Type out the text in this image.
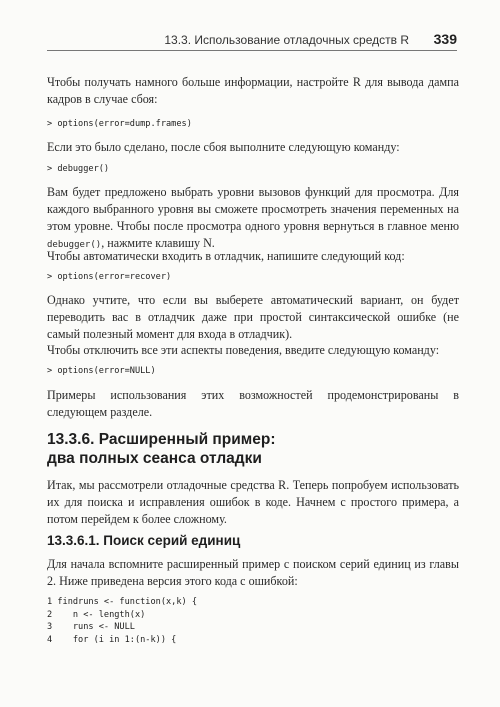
13.3. Использование отладочных средств R 339

Чтобы получать намного больше информации, настройте R для вывода дампа кадров в случае сбоя:

> options(error=dump.frames)

Если это было сделано, после сбоя выполните следующую команду:

> debugger()

Вам будет предложено выбрать уровни вызовов функций для просмотра. Для каждого выбранного уровня вы сможете просмотреть значения переменных на этом уровне. Чтобы после просмотра одного уровня вернуться в главное меню debugger(), нажмите клавишу N.

Чтобы автоматически входить в отладчик, напишите следующий код:

> options(error=recover)

Однако учтите, что если вы выберете автоматический вариант, он будет переводить вас в отладчик даже при простой синтаксической ошибке (не самый полезный момент для входа в отладчик).

Чтобы отключить все эти аспекты поведения, введите следующую команду:

> options(error=NULL)

Примеры использования этих возможностей продемонстрированы в следующем разделе.

13.3.6. Расширенный пример:

два полных сеанса отладки

Итак, мы рассмотрели отладочные средства R. Теперь попробуем использовать их для поиска и исправления ошибок в коде. Начнем с простого примера, а потом перейдем к более сложному.

13.3.6.1. Поиск серий единиц

Для начала вспомните расширенный пример с поиском серий единиц из главы 2. Ниже приведена версия этого кода с ошибкой:

1 findruns <- function(x,k) {
2    n <- length(x)
3    runs <- NULL
4    for (i in 1:(n-k)) {
